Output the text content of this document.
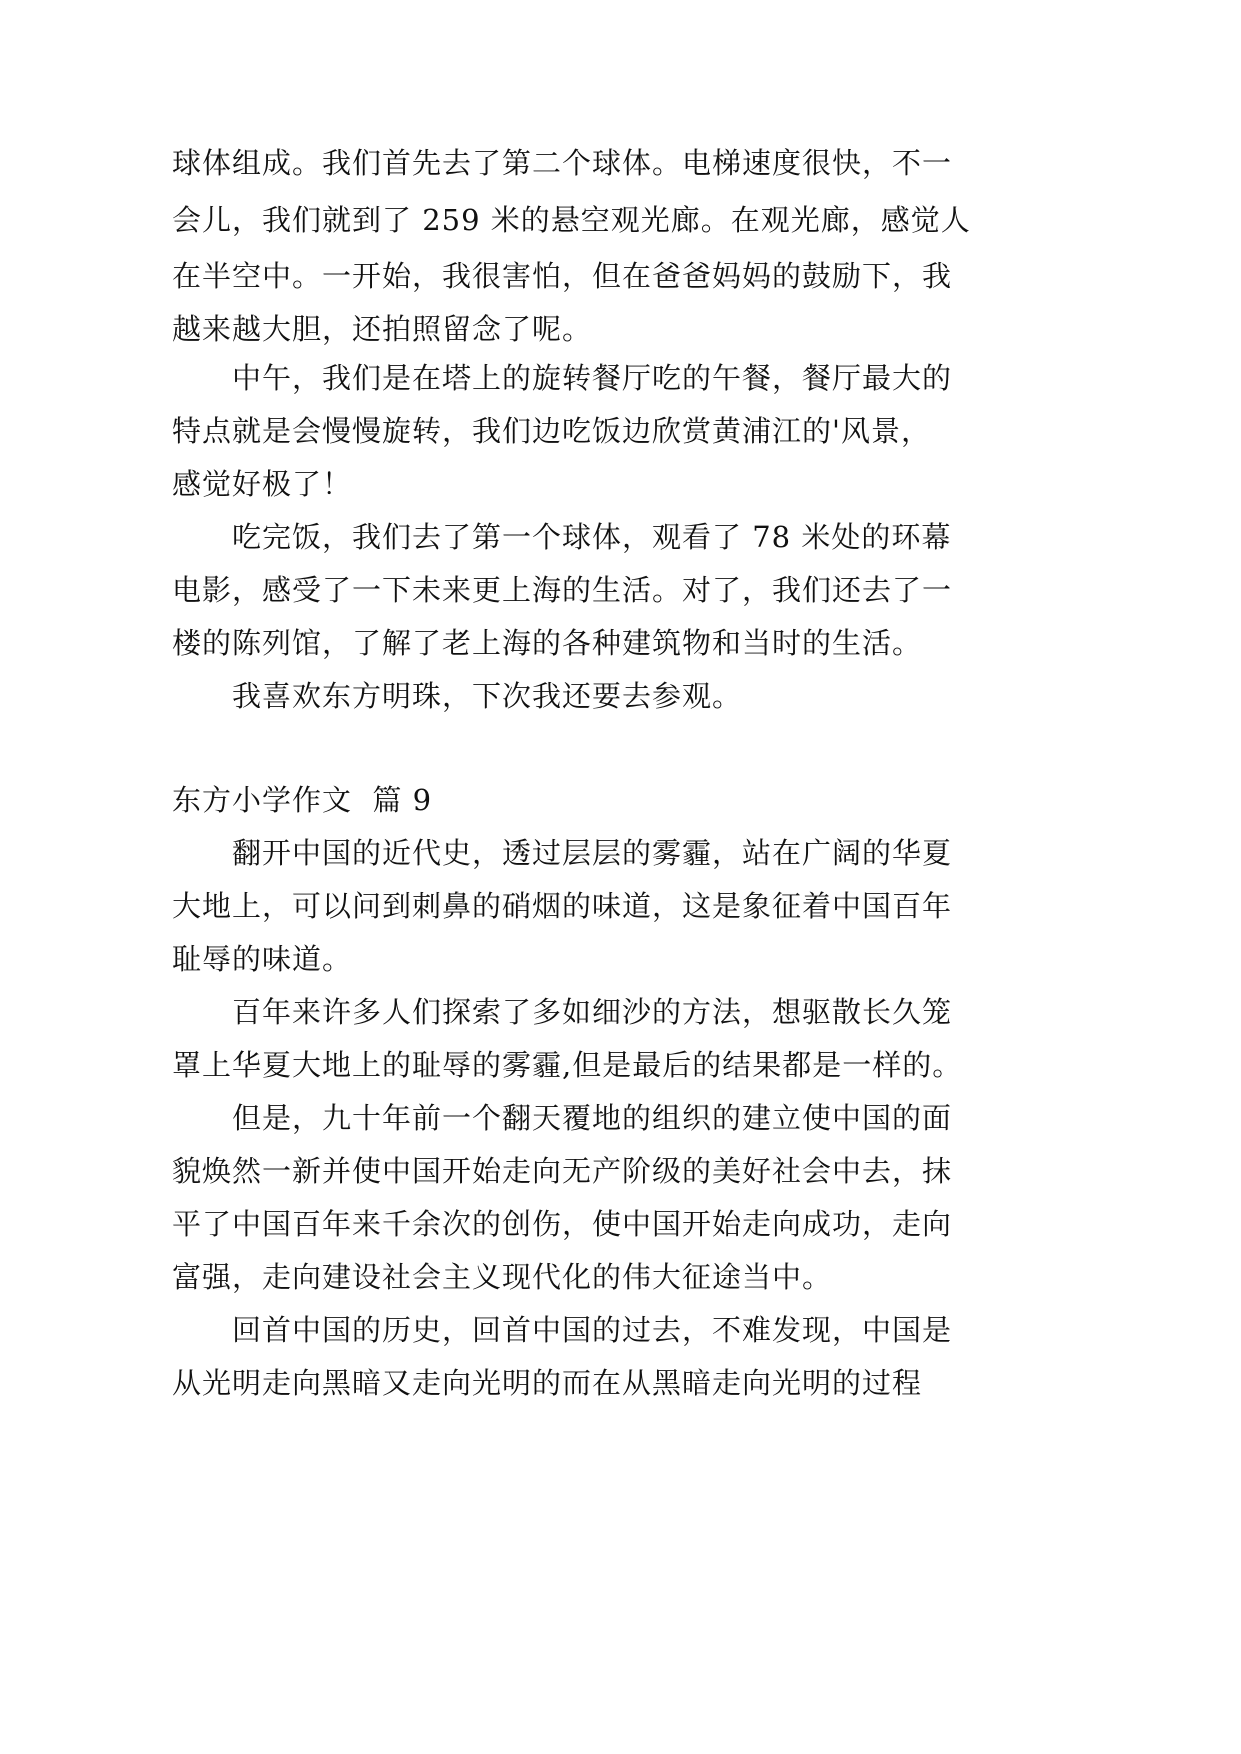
球体组成。我们首先去了第二个球体。电梯速度很快，不一
会儿，我们就到了 259 米的悬空观光廊。在观光廊，感觉人
在半空中。一开始，我很害怕，但在爸爸妈妈的鼓励下，我
越来越大胆，还拍照留念了呢。
中午，我们是在塔上的旋转餐厅吃的午餐，餐厅最大的
特点就是会慢慢旋转，我们边吃饭边欣赏黄浦江的'风景，
感觉好极了！
吃完饭，我们去了第一个球体，观看了 78 米处的环幕
电影，感受了一下未来更上海的生活。对了，我们还去了一
楼的陈列馆，了解了老上海的各种建筑物和当时的生活。
我喜欢东方明珠，下次我还要去参观。
东方小学作文  篇 9
翻开中国的近代史，透过层层的雾霾，站在广阔的华夏
大地上，可以问到刺鼻的硝烟的味道，这是象征着中国百年
耻辱的味道。
百年来许多人们探索了多如细沙的方法，想驱散长久笼
罩上华夏大地上的耻辱的雾霾,但是最后的结果都是一样的。
但是，九十年前一个翻天覆地的组织的建立使中国的面
貌焕然一新并使中国开始走向无产阶级的美好社会中去，抹
平了中国百年来千余次的创伤，使中国开始走向成功，走向
富强，走向建设社会主义现代化的伟大征途当中。
回首中国的历史，回首中国的过去，不难发现，中国是
从光明走向黑暗又走向光明的而在从黑暗走向光明的过程
